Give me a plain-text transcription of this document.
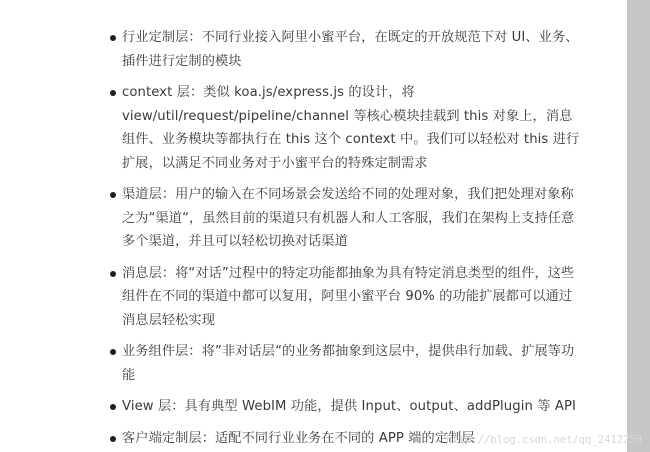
行业定制层：不同行业接入阿里小蜜平台，在既定的开放规范下对 UI、业务、插件进行定制的模块
context 层：类似 koa.js/express.js 的设计，将 view/util/request/pipeline/channel 等核心模块挂载到 this 对象上，消息组件、业务模块等都执行在 this 这个 context 中。我们可以轻松对 this 进行扩展，以满足不同业务对于小蜜平台的特殊定制需求
渠道层：用户的输入在不同场景会发送给不同的处理对象，我们把处理对象称之为“渠道“，虽然目前的渠道只有机器人和人工客服，我们在架构上支持任意多个渠道，并且可以轻松切换对话渠道
消息层：将“对话”过程中的特定功能都抽象为具有特定消息类型的组件，这些组件在不同的渠道中都可以复用，阿里小蜜平台 90% 的功能扩展都可以通过消息层轻松实现
业务组件层：将”非对话层“的业务都抽象到这层中，提供串行加载、扩展等功能
View 层：具有典型 WebIM 功能，提供 Input、output、addPlugin 等 API
客户端定制层：适配不同行业业务在不同的 APP 端的定制层
http://blog.csdn.net/qq_2412250
